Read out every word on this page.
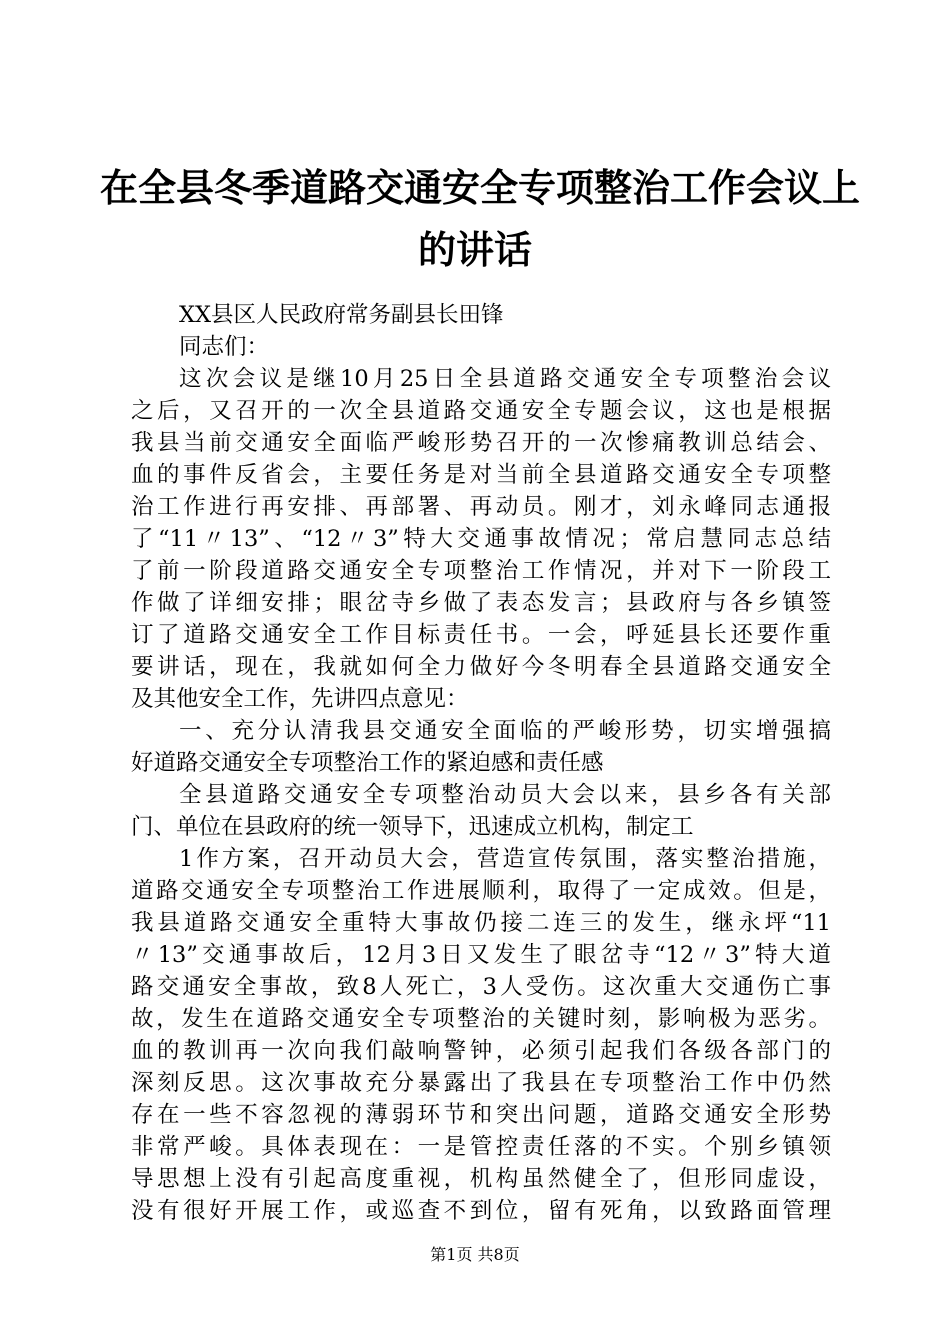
在全县冬季道路交通安全专项整治工作会议上
的讲话
XX县区人民政府常务副县长田锋
同志们：
这次会议是继10月25日全县道路交通安全专项整治会议
之后，又召开的一次全县道路交通安全专题会议，这也是根据
我县当前交通安全面临严峻形势召开的一次惨痛教训总结会、
血的事件反省会，主要任务是对当前全县道路交通安全专项整
治工作进行再安排、再部署、再动员。刚才，刘永峰同志通报
了“11〃13”、“12〃3”特大交通事故情况；常启慧同志总结
了前一阶段道路交通安全专项整治工作情况，并对下一阶段工
作做了详细安排；眼岔寺乡做了表态发言；县政府与各乡镇签
订了道路交通安全工作目标责任书。一会，呼延县长还要作重
要讲话，现在，我就如何全力做好今冬明春全县道路交通安全
及其他安全工作，先讲四点意见：
一、充分认清我县交通安全面临的严峻形势，切实增强搞
好道路交通安全专项整治工作的紧迫感和责任感
全县道路交通安全专项整治动员大会以来，县乡各有关部
门、单位在县政府的统一领导下，迅速成立机构，制定工
1作方案，召开动员大会，营造宣传氛围，落实整治措施，
道路交通安全专项整治工作进展顺利，取得了一定成效。但是，
我县道路交通安全重特大事故仍接二连三的发生，继永坪“11
〃13”交通事故后，12月3日又发生了眼岔寺“12〃3”特大道
路交通安全事故，致8人死亡，3人受伤。这次重大交通伤亡事
故，发生在道路交通安全专项整治的关键时刻，影响极为恶劣。
血的教训再一次向我们敲响警钟，必须引起我们各级各部门的
深刻反思。这次事故充分暴露出了我县在专项整治工作中仍然
存在一些不容忽视的薄弱环节和突出问题，道路交通安全形势
非常严峻。具体表现在：一是管控责任落的不实。个别乡镇领
导思想上没有引起高度重视，机构虽然健全了，但形同虚设，
没有很好开展工作，或巡查不到位，留有死角，以致路面管理
第1页 共8页
